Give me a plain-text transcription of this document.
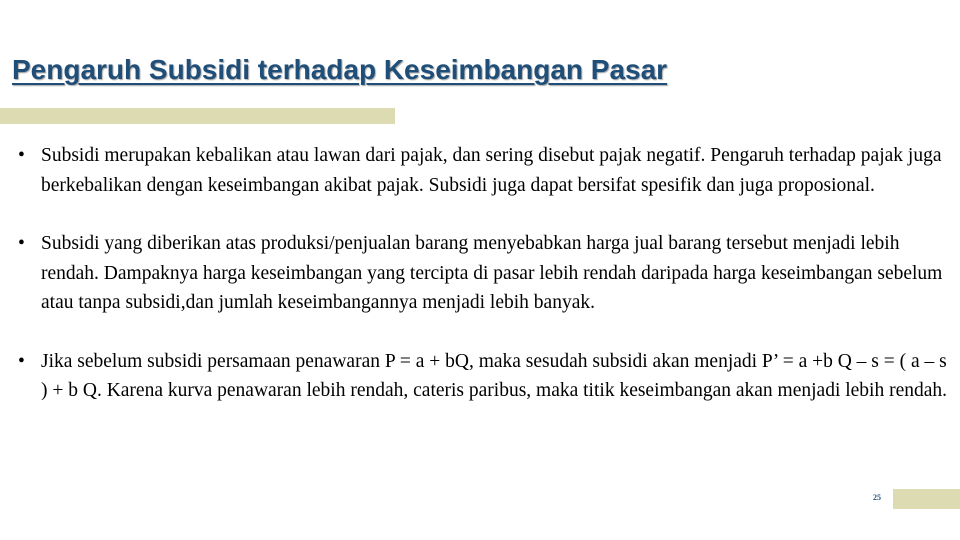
Pengaruh Subsidi terhadap Keseimbangan Pasar
• Subsidi merupakan kebalikan atau lawan dari pajak, dan sering disebut pajak negatif. Pengaruh terhadap pajak juga berkebalikan dengan keseimbangan akibat pajak. Subsidi juga dapat bersifat spesifik dan juga proposional.
• Subsidi yang diberikan atas produksi/penjualan barang menyebabkan harga jual barang tersebut menjadi lebih rendah. Dampaknya harga keseimbangan yang tercipta di pasar lebih rendah daripada harga keseimbangan sebelum atau tanpa subsidi,dan jumlah keseimbangannya menjadi lebih banyak.
• Jika sebelum subsidi persamaan penawaran P = a + bQ, maka sesudah subsidi akan menjadi P’ = a +b Q – s = ( a – s ) + b Q. Karena kurva penawaran lebih rendah, cateris paribus, maka titik keseimbangan akan menjadi lebih rendah.
25
